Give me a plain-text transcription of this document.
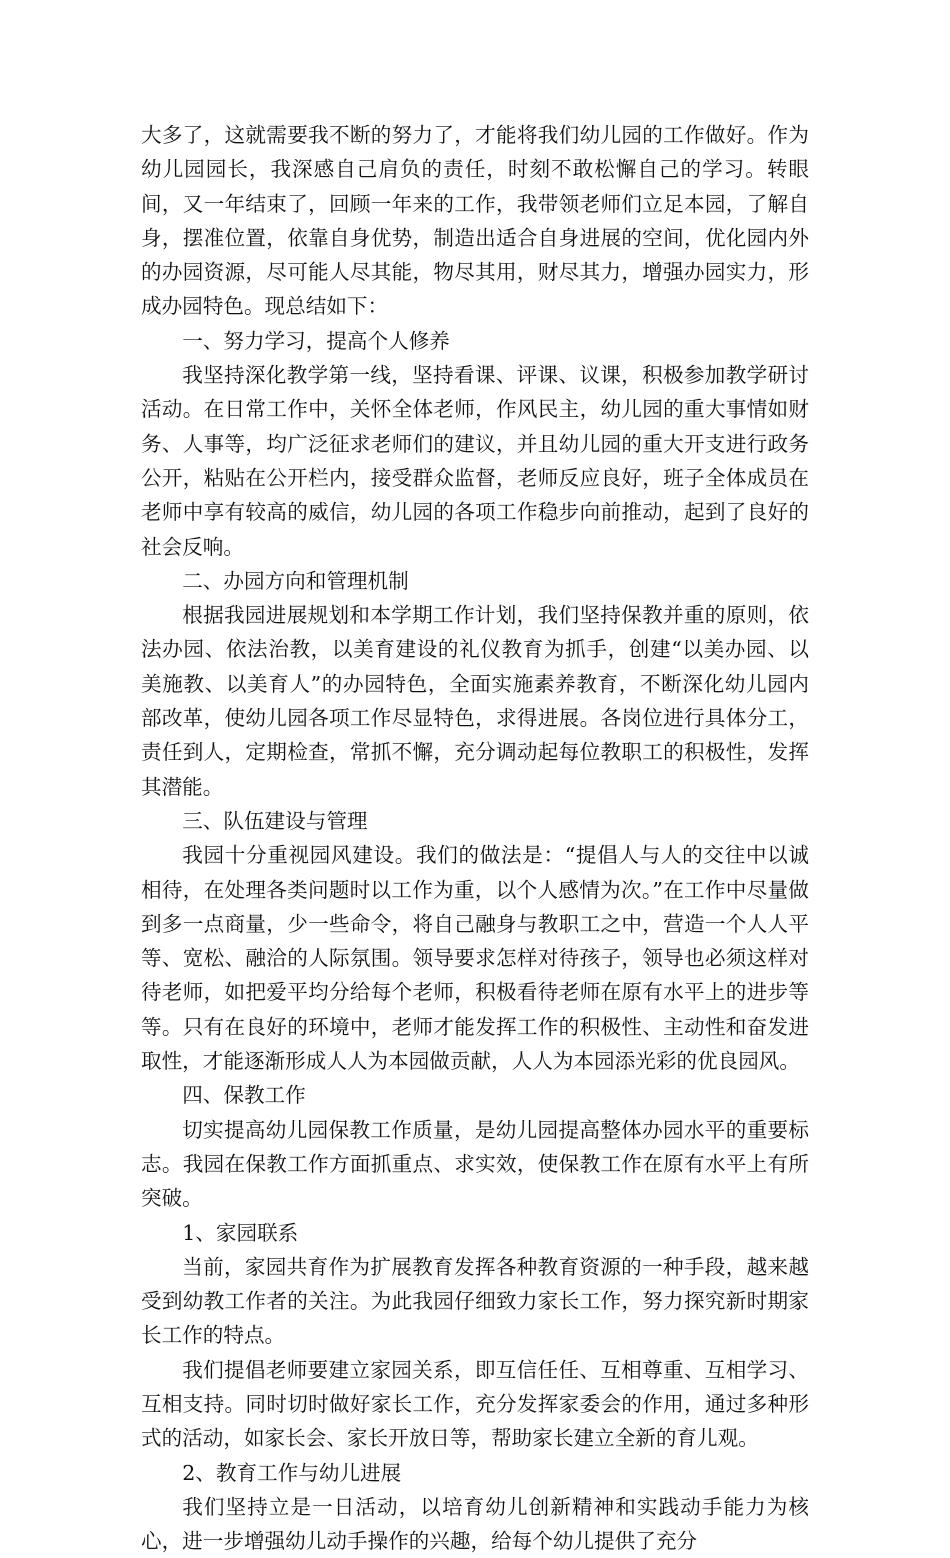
大多了，这就需要我不断的努力了，才能将我们幼儿园的工作做好。作为幼儿园园长，我深感自己肩负的责任，时刻不敢松懈自己的学习。转眼间，又一年结束了，回顾一年来的工作，我带领老师们立足本园，了解自身，摆准位置，依靠自身优势，制造出适合自身进展的空间，优化园内外的办园资源，尽可能人尽其能，物尽其用，财尽其力，增强办园实力，形成办园特色。现总结如下：

一、努力学习，提高个人修养

我坚持深化教学第一线，坚持看课、评课、议课，积极参加教学研讨活动。在日常工作中，关怀全体老师，作风民主，幼儿园的重大事情如财务、人事等，均广泛征求老师们的建议，并且幼儿园的重大开支进行政务公开，粘贴在公开栏内，接受群众监督，老师反应良好，班子全体成员在老师中享有较高的威信，幼儿园的各项工作稳步向前推动，起到了良好的社会反响。

二、办园方向和管理机制

根据我园进展规划和本学期工作计划，我们坚持保教并重的原则，依法办园、依法治教，以美育建设的礼仪教育为抓手，创建“以美办园、以美施教、以美育人”的办园特色，全面实施素养教育，不断深化幼儿园内部改革，使幼儿园各项工作尽显特色，求得进展。各岗位进行具体分工，责任到人，定期检查，常抓不懈，充分调动起每位教职工的积极性，发挥其潜能。

三、队伍建设与管理

我园十分重视园风建设。我们的做法是：“提倡人与人的交往中以诚相待，在处理各类问题时以工作为重，以个人感情为次。”在工作中尽量做到多一点商量，少一些命令，将自己融身与教职工之中，营造一个人人平等、宽松、融洽的人际氛围。领导要求怎样对待孩子，领导也必须这样对待老师，如把爱平均分给每个老师，积极看待老师在原有水平上的进步等等。只有在良好的环境中，老师才能发挥工作的积极性、主动性和奋发进取性，才能逐渐形成人人为本园做贡献，人人为本园添光彩的优良园风。

四、保教工作

切实提高幼儿园保教工作质量，是幼儿园提高整体办园水平的重要标志。我园在保教工作方面抓重点、求实效，使保教工作在原有水平上有所突破。

1、家园联系

当前，家园共育作为扩展教育发挥各种教育资源的一种手段，越来越受到幼教工作者的关注。为此我园仔细致力家长工作，努力探究新时期家长工作的特点。

我们提倡老师要建立家园关系，即互信任任、互相尊重、互相学习、互相支持。同时切时做好家长工作，充分发挥家委会的作用，通过多种形式的活动，如家长会、家长开放日等，帮助家长建立全新的育儿观。

2、教育工作与幼儿进展

我们坚持立是一日活动，以培育幼儿创新精神和实践动手能力为核心，进一步增强幼儿动手操作的兴趣，给每个幼儿提供了充分
